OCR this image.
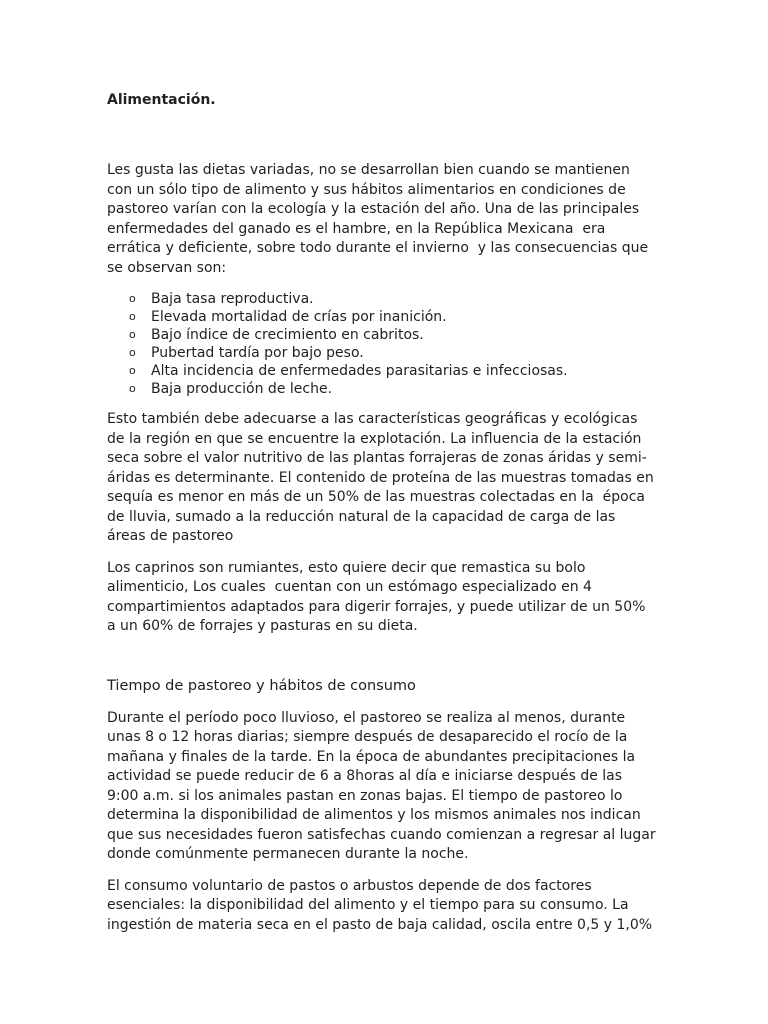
Alimentación.

Les gusta las dietas variadas, no se desarrollan bien cuando se mantienen con un sólo tipo de alimento y sus hábitos alimentarios en condiciones de pastoreo varían con la ecología y la estación del año. Una de las principales enfermedades del ganado es el hambre, en la República Mexicana  era errática y deficiente, sobre todo durante el invierno  y las consecuencias que se observan son:

o Baja tasa reproductiva.
o Elevada mortalidad de crías por inanición.
o Bajo índice de crecimiento en cabritos.
o Pubertad tardía por bajo peso.
o Alta incidencia de enfermedades parasitarias e infecciosas.
o Baja producción de leche.

Esto también debe adecuarse a las características geográficas y ecológicas de la región en que se encuentre la explotación. La influencia de la estación seca sobre el valor nutritivo de las plantas forrajeras de zonas áridas y semi-áridas es determinante. El contenido de proteína de las muestras tomadas en sequía es menor en más de un 50% de las muestras colectadas en la  época de lluvia, sumado a la reducción natural de la capacidad de carga de las áreas de pastoreo

Los caprinos son rumiantes, esto quiere decir que remastica su bolo alimenticio, Los cuales  cuentan con un estómago especializado en 4 compartimientos adaptados para digerir forrajes, y puede utilizar de un 50% a un 60% de forrajes y pasturas en su dieta.

Tiempo de pastoreo y hábitos de consumo

Durante el período poco lluvioso, el pastoreo se realiza al menos, durante unas 8 o 12 horas diarias; siempre después de desaparecido el rocío de la mañana y finales de la tarde. En la época de abundantes precipitaciones la actividad se puede reducir de 6 a 8horas al día e iniciarse después de las 9:00 a.m. si los animales pastan en zonas bajas. El tiempo de pastoreo lo determina la disponibilidad de alimentos y los mismos animales nos indican que sus necesidades fueron satisfechas cuando comienzan a regresar al lugar donde comúnmente permanecen durante la noche.

El consumo voluntario de pastos o arbustos depende de dos factores esenciales: la disponibilidad del alimento y el tiempo para su consumo. La ingestión de materia seca en el pasto de baja calidad, oscila entre 0,5 y 1,0%
